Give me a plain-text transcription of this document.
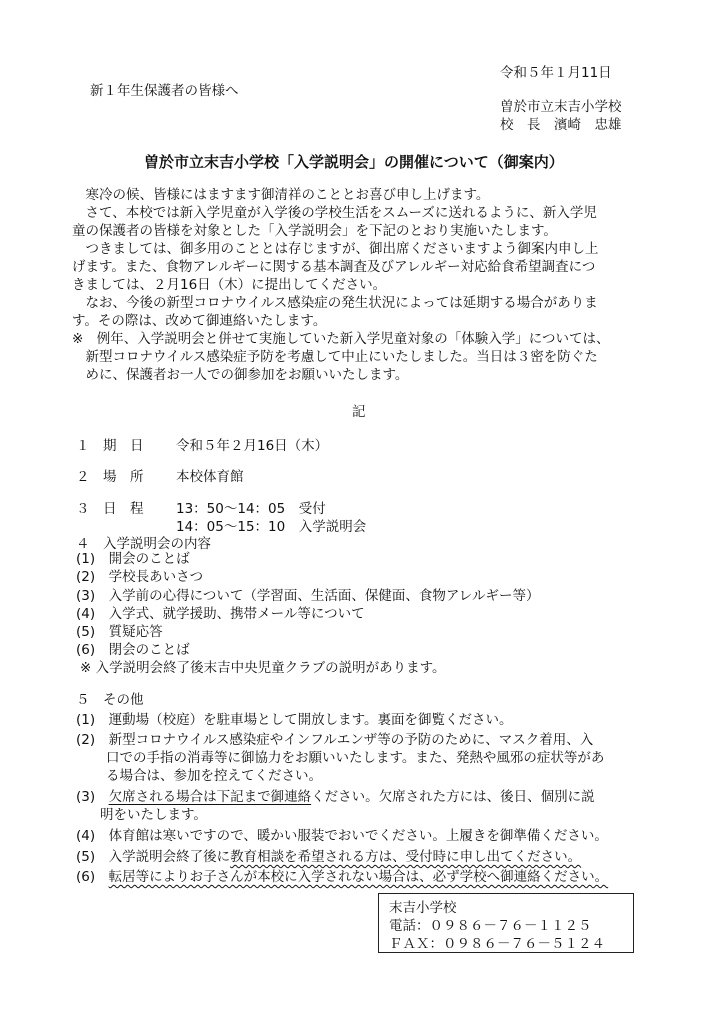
令和５年１月11日
新１年生保護者の皆様へ
曽於市立末吉小学校
校　長　濱崎　忠雄
曽於市立末吉小学校「入学説明会」の開催について（御案内）
　寒冷の候、皆様にはますます御清祥のこととお喜び申し上げます。
　さて、本校では新入学児童が入学後の学校生活をスムーズに送れるように、新入学児
童の保護者の皆様を対象とした「入学説明会」を下記のとおり実施いたします。
　つきましては、御多用のこととは存じますが、御出席くださいますよう御案内申し上
げます。また、食物アレルギーに関する基本調査及びアレルギー対応給食希望調査につ
きましては、２月16日（木）に提出してください。
　なお、今後の新型コロナウイルス感染症の発生状況によっては延期する場合がありま
す。その際は、改めて御連絡いたします。
※　例年、入学説明会と併せて実施していた新入学児童対象の「体験入学」については、
　新型コロナウイルス感染症予防を考慮して中止にいたしました。当日は３密を防ぐた
　めに、保護者お一人での御参加をお願いいたします。
記
１　期　日 令和５年２月16日（木）
２　場　所 本校体育館
３　日　程 13：50～14：05　受付
14：05～15：10　入学説明会
４　入学説明会の内容
(1)　開会のことば
(2)　学校長あいさつ
(3)　入学前の心得について（学習面、生活面、保健面、食物アレルギー等）
(4)　入学式、就学援助、携帯メール等について
(5)　質疑応答
(6)　閉会のことば
※ 入学説明会終了後末吉中央児童クラブの説明があります。
５　その他
(1)　運動場（校庭）を駐車場として開放します。裏面を御覧ください。
(2)　新型コロナウイルス感染症やインフルエンザ等の予防のために、マスク着用、入
口での手指の消毒等に御協力をお願いいたします。また、発熱や風邪の症状等があ
る場合は、参加を控えてください。
(3)　欠席される場合は下記まで御連絡ください。欠席された方には、後日、個別に説
明をいたします。
(4)　体育館は寒いですので、暖かい服装でおいでください。上履きを御準備ください。
(5)　入学説明会終了後に教育相談を希望される方は、受付時に申し出てください。
(6)　転居等によりお子さんが本校に入学されない場合は、必ず学校へ御連絡ください。
末吉小学校
電話：０９８６－７６－１１２５
ＦＡＸ：０９８６－７６－５１２４
